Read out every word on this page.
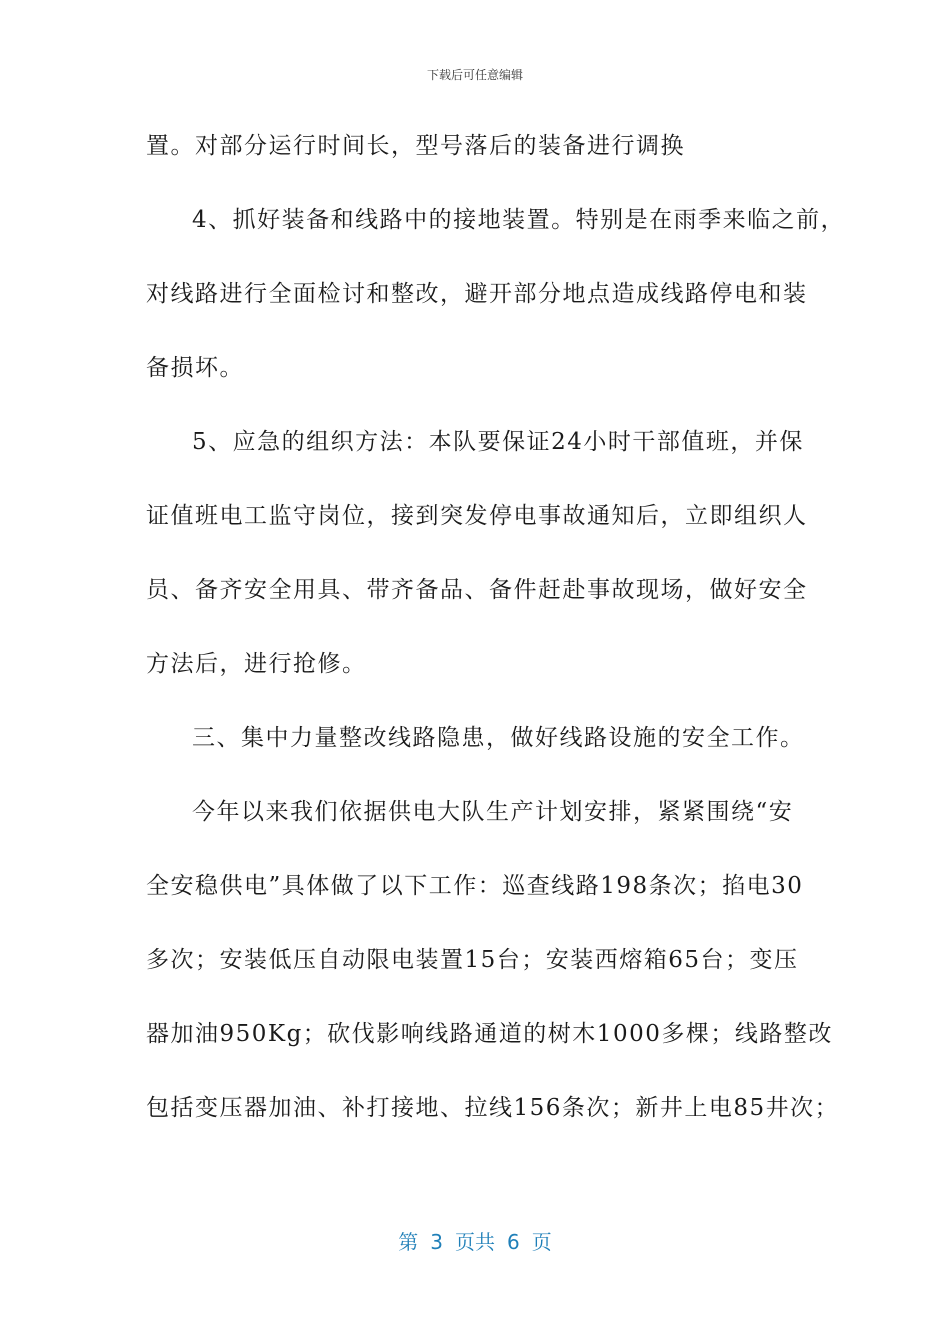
下载后可任意编辑
置。对部分运行时间长，型号落后的装备进行调换
4、抓好装备和线路中的接地装置。特别是在雨季来临之前，
对线路进行全面检讨和整改，避开部分地点造成线路停电和装
备损坏。
5、应急的组织方法：本队要保证24小时干部值班，并保
证值班电工监守岗位，接到突发停电事故通知后，立即组织人
员、备齐安全用具、带齐备品、备件赶赴事故现场，做好安全
方法后，进行抢修。
三、集中力量整改线路隐患，做好线路设施的安全工作。
今年以来我们依据供电大队生产计划安排，紧紧围绕“安
全安稳供电”具体做了以下工作：巡查线路198条次；掐电30
多次；安装低压自动限电装置15台；安装西熔箱65台；变压
器加油950Kg；砍伐影响线路通道的树木1000多棵；线路整改
包括变压器加油、补打接地、拉线156条次；新井上电85井次；
第 3 页共 6 页
